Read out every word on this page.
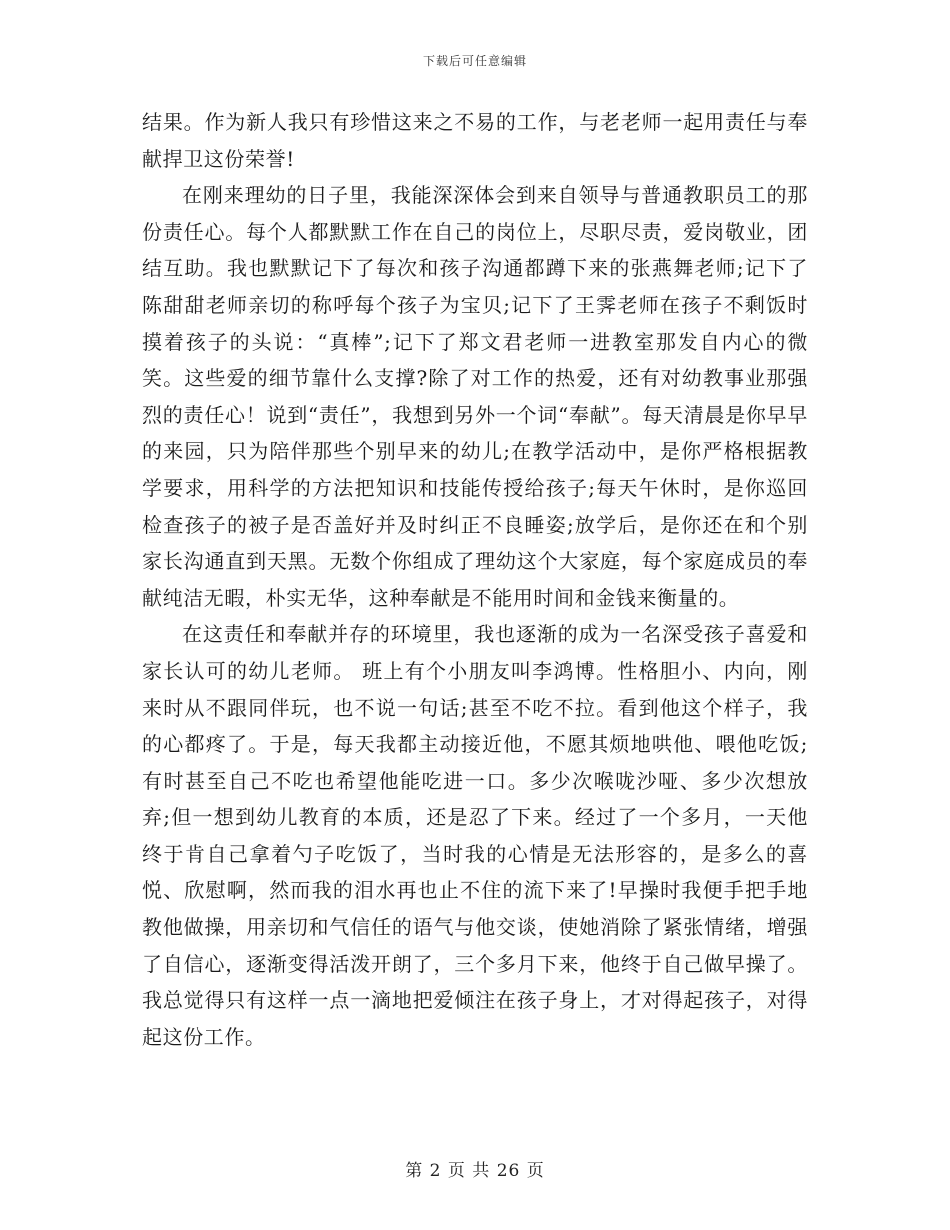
下载后可任意编辑

结果。作为新人我只有珍惜这来之不易的工作，与老老师一起用责任与奉献捍卫这份荣誉!

在刚来理幼的日子里，我能深深体会到来自领导与普通教职员工的那份责任心。每个人都默默工作在自己的岗位上，尽职尽责，爱岗敬业，团结互助。我也默默记下了每次和孩子沟通都蹲下来的张燕舞老师;记下了陈甜甜老师亲切的称呼每个孩子为宝贝;记下了王霁老师在孩子不剩饭时摸着孩子的头说：“真棒”;记下了郑文君老师一进教室那发自内心的微笑。这些爱的细节靠什么支撑?除了对工作的热爱，还有对幼教事业那强烈的责任心！说到“责任”，我想到另外一个词“奉献”。每天清晨是你早早的来园，只为陪伴那些个别早来的幼儿;在教学活动中，是你严格根据教学要求，用科学的方法把知识和技能传授给孩子;每天午休时，是你巡回检查孩子的被子是否盖好并及时纠正不良睡姿;放学后，是你还在和个别家长沟通直到天黑。无数个你组成了理幼这个大家庭，每个家庭成员的奉献纯洁无暇，朴实无华，这种奉献是不能用时间和金钱来衡量的。

在这责任和奉献并存的环境里，我也逐渐的成为一名深受孩子喜爱和家长认可的幼儿老师。 班上有个小朋友叫李鸿博。性格胆小、内向，刚来时从不跟同伴玩，也不说一句话;甚至不吃不拉。看到他这个样子，我的心都疼了。于是，每天我都主动接近他，不愿其烦地哄他、喂他吃饭;有时甚至自己不吃也希望他能吃进一口。多少次喉咙沙哑、多少次想放弃;但一想到幼儿教育的本质，还是忍了下来。经过了一个多月，一天他终于肯自己拿着勺子吃饭了，当时我的心情是无法形容的，是多么的喜悦、欣慰啊，然而我的泪水再也止不住的流下来了!早操时我便手把手地教他做操，用亲切和气信任的语气与他交谈，使她消除了紧张情绪，增强了自信心，逐渐变得活泼开朗了，三个多月下来，他终于自己做早操了。我总觉得只有这样一点一滴地把爱倾注在孩子身上，才对得起孩子，对得起这份工作。

第 2 页 共 26 页
